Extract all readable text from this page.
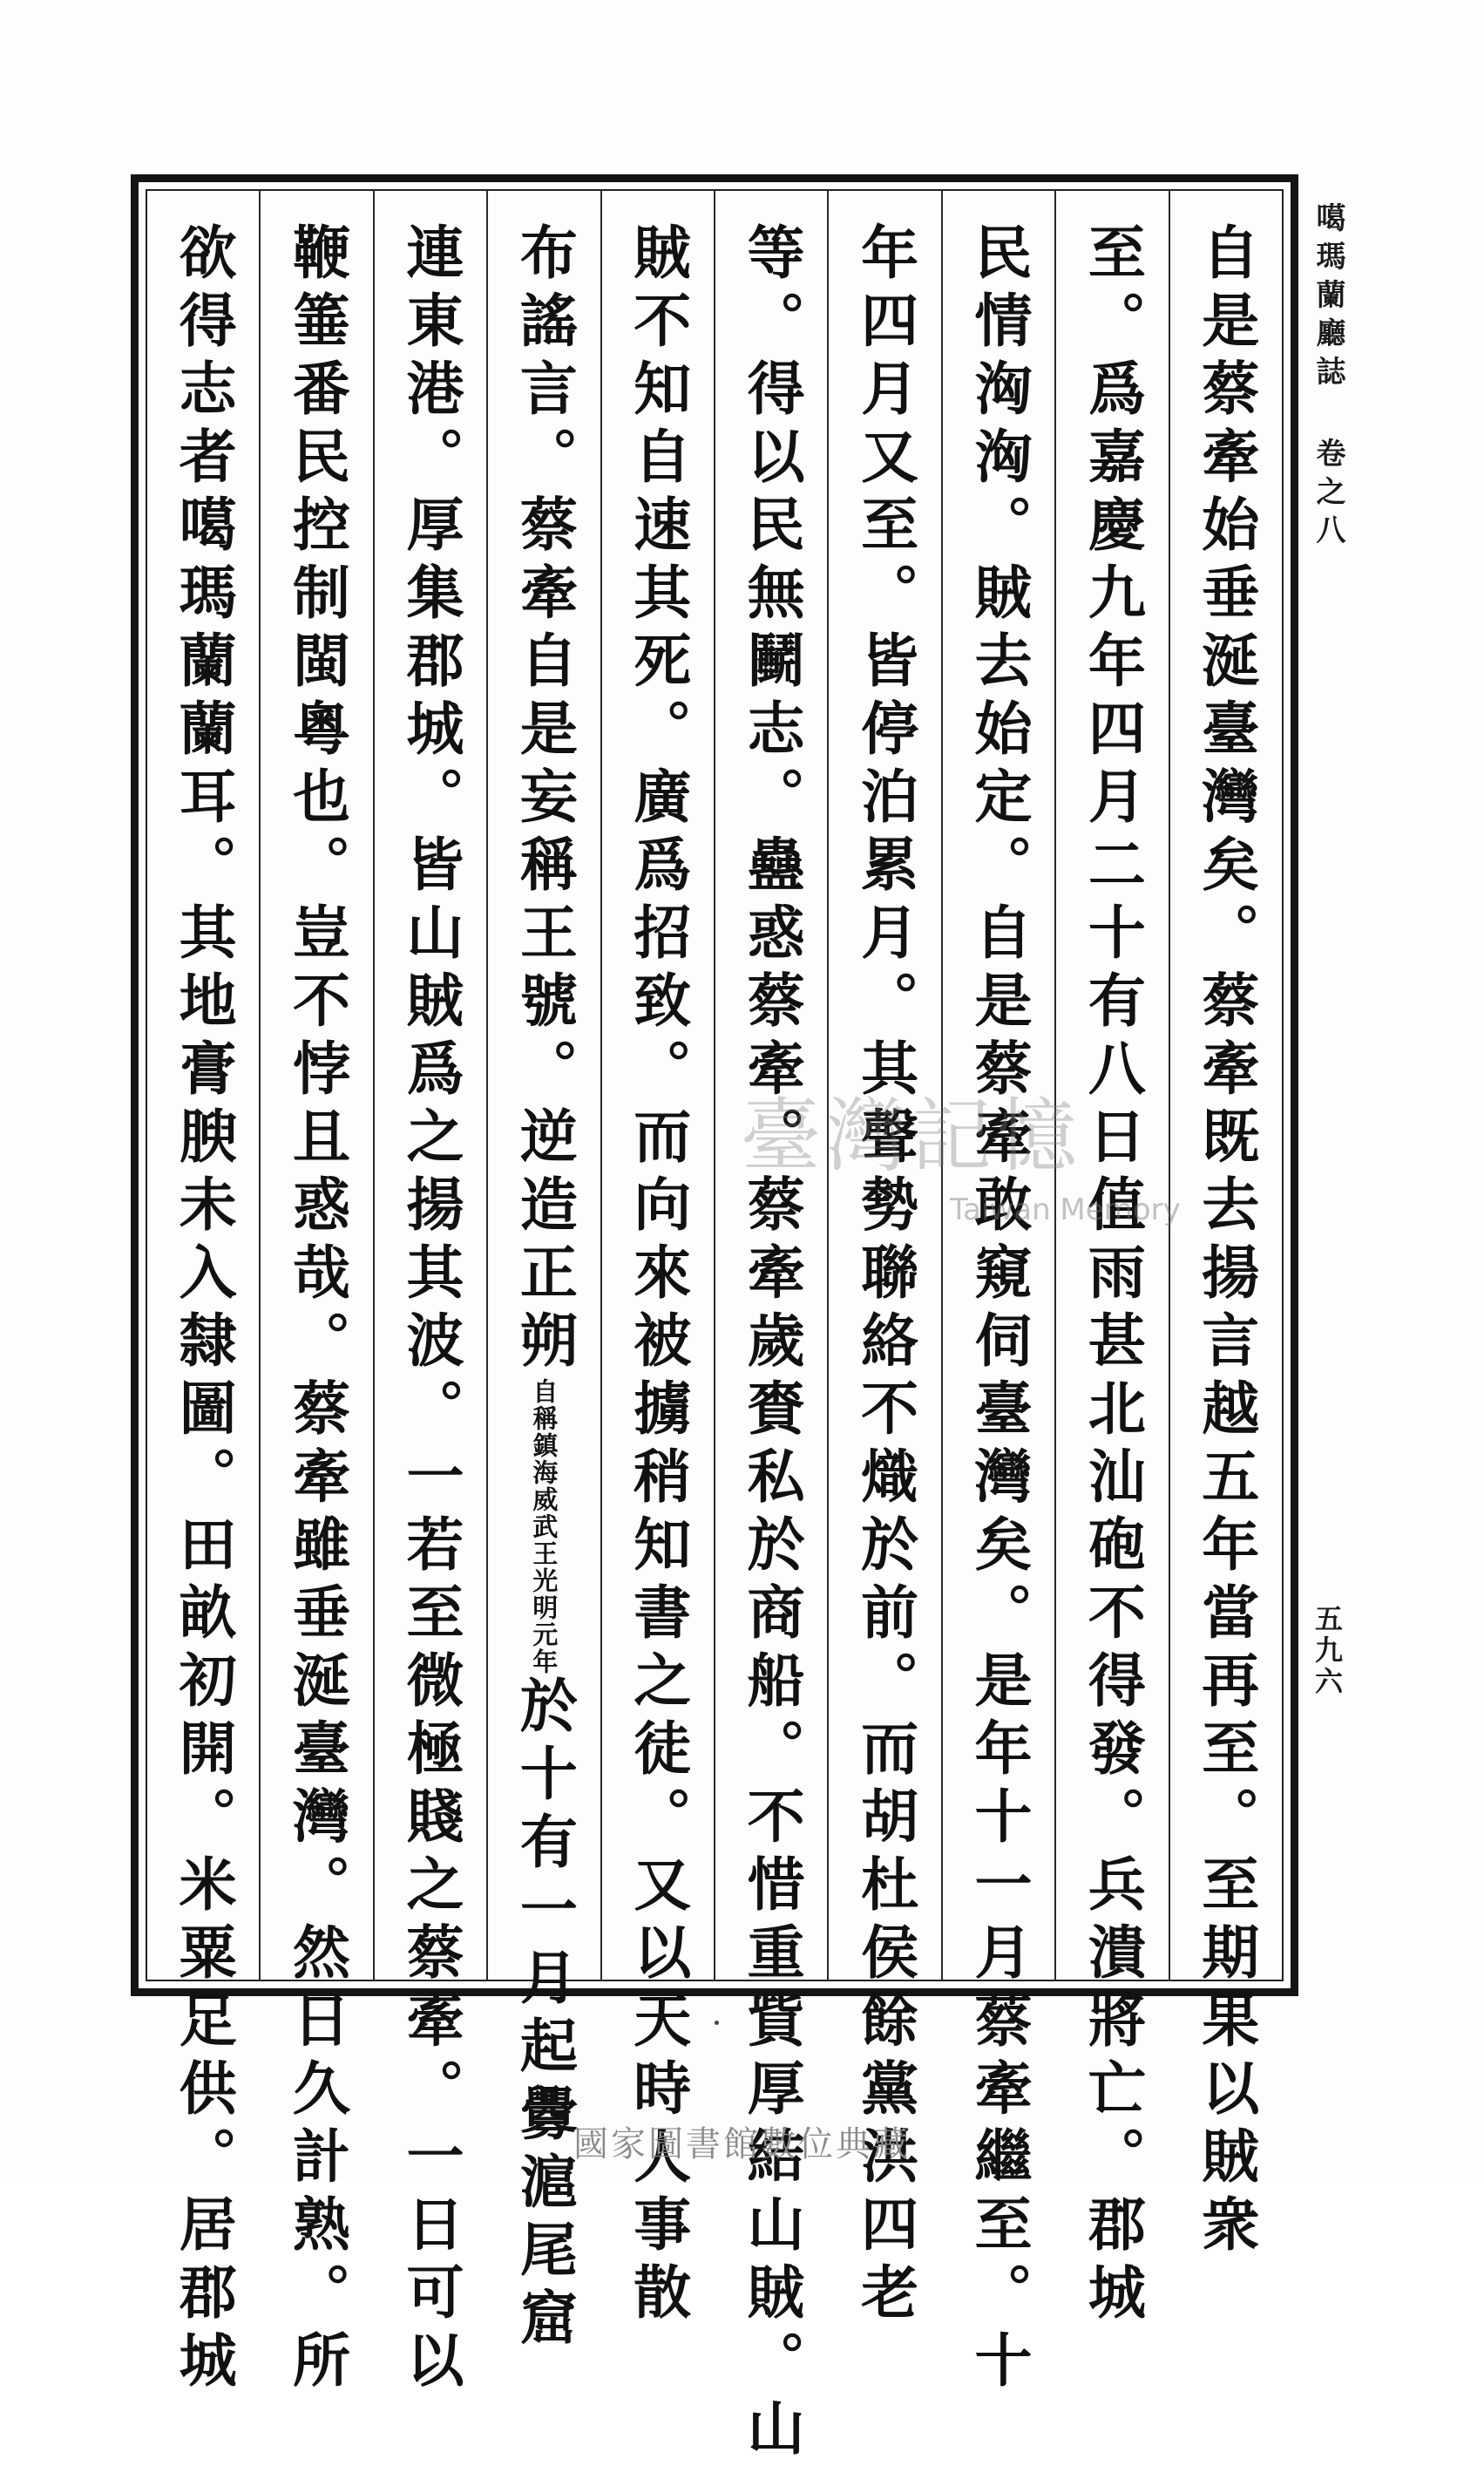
自是蔡牽始垂涎臺灣矣。蔡牽既去揚言越五年當再至。至期果以賊衆
至。爲嘉慶九年四月二十有八日值雨甚北汕砲不得發。兵潰將亡。郡城
民情洶洶。賊去始定。自是蔡牽敢窺伺臺灣矣。是年十一月蔡牽繼至。十
年四月又至。皆停泊累月。其聲勢聯絡不熾於前。而胡杜侯餘黨洪四老
等。得以民無鬭志。蠱惑蔡牽。蔡牽歲賚私於商船。不惜重貲厚結山賊。山
賊不知自速其死。廣爲招致。而向來被擄稍知書之徒。又以天時人事散
布謠言。蔡牽自是妄稱王號。逆造正朔自稱鎮海威武王光明元年於十有一月起釁滬尾窟
連東港。厚集郡城。皆山賊爲之揚其波。一若至微極賤之蔡牽。一日可以
鞭箠番民控制閩粵也。豈不悖且惑哉。蔡牽雖垂涎臺灣。然日久計熟。所
欲得志者噶瑪蘭蘭耳。其地膏腴未入隸圖。田畝初開。米粟足供。居郡城	噶瑪蘭廳誌卷之八
五九六
臺灣記憶
Taiwan Memory
國家圖書館數位典藏
